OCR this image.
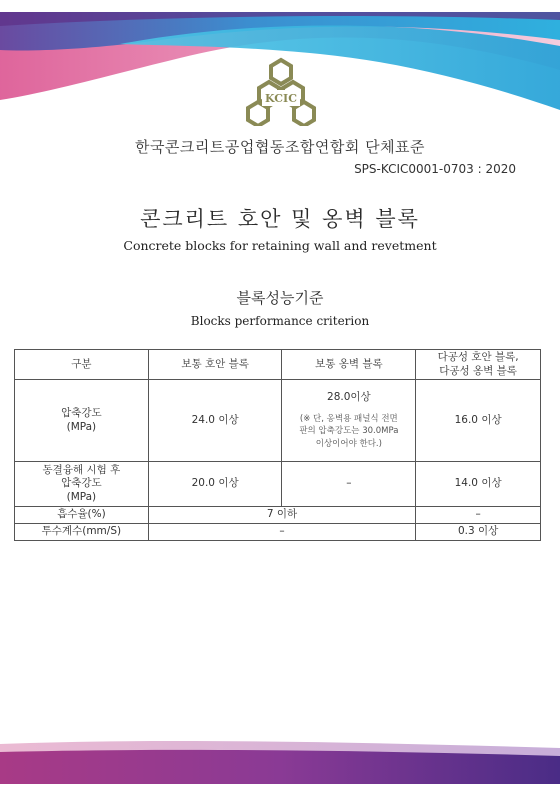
KCIC
한국콘크리트공업협동조합연합회 단체표준
SPS-KCIC0001-0703 : 2020
콘크리트 호안 및 옹벽 블록
Concrete blocks for retaining wall and revetment
블록성능기준
Blocks performance criterion
구분	보통 호안 블록	보통 옹벽 블록	다공성 호안 블록,
다공성 옹벽 블록

압축강도
(MPa)	24.0 이상	28.0이상
(※ 단, 옹벽용 패널식 전면
판의 압축강도는 30.0MPa
이상이어야 한다.)	16.0 이상

동결융해 시험 후
압축강도
(MPa)	20.0 이상	–	14.0 이상
흡수율(%)	7 이하		–
투수계수(mm/S)	–		0.3 이상
